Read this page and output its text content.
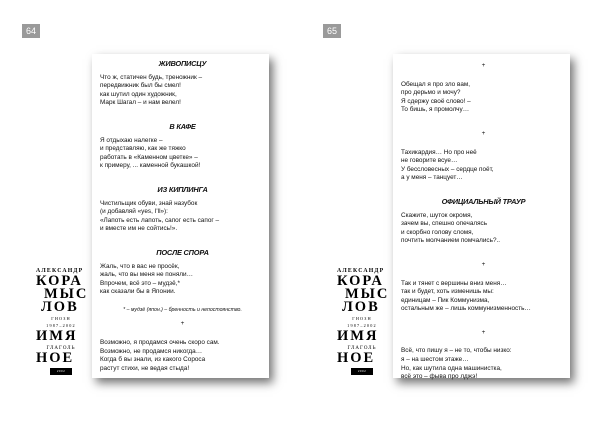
64
ЖИВОПИСЦУ
Что ж, статичен будь, треножник –
передвижник был бы смел!
как шутил один художник,
Марк Шагал – и нам велел!
В КАФЕ
Я отдыхаю налегке –
и представляю, как же тяжко
работать в «Каменном цветке» –
к примеру, ... каменной букашкой!
ИЗ КИПЛИНГА
Чистильщик обуви, знай назубок
(и добавляй «yes, I'll»):
«Лапоть есть лапоть, сапог есть сапог –
и вместе им не сойтись!».
ПОСЛЕ СПОРА
Жаль, что в вас не просёк,
жаль, что вы меня не поняли…
Впрочем, всё это – мудзё,*
как сказали бы в Японии.
* – мудзё (япон.) – бренность и непостоянство.
+
Возможно, я продамся очень скоро сам.
Возможно, не продамся никогда…
Когда б вы знали, из какого Сороса
растут стихи, не ведая стыда!
АЛЕКСАНДР
КОРА
МЫС
ЛОВ
ГНОЗН
1987–2002
ИМЯ
ГЛАГОЛЬ
НОЕ
2002
65
+
Обещал я про зло вам,
про дерьмо и мочу?
Я сдержу своё слово! –
То бишь, я промолчу…
+
Тахикардия… Но про неё
не говорите всуе…
У бессловесных – сердце поёт,
а у меня – танцует…
ОФИЦИАЛЬНЫЙ ТРАУР
Скажите, шуток окромя,
зачем вы, спешно опечалясь
и скорбно голову сломя,
почтить молчанием помчались?..
+
Так и тянет с вершины вниз меня…
так и будет, хоть изменишь мы:
единицам – Пик Коммунизма,
остальным же – лишь коммунизменность…
+
Всё, что пишу я – не то, чтобы низко:
я – на шестом этаже…
Но, как шутила одна машинистка,
всё это – фыва про лджэ!
АЛЕКСАНДР
КОРА
МЫС
ЛОВ
ГНОЗН
1987–2002
ИМЯ
ГЛАГОЛЬ
НОЕ
2002
